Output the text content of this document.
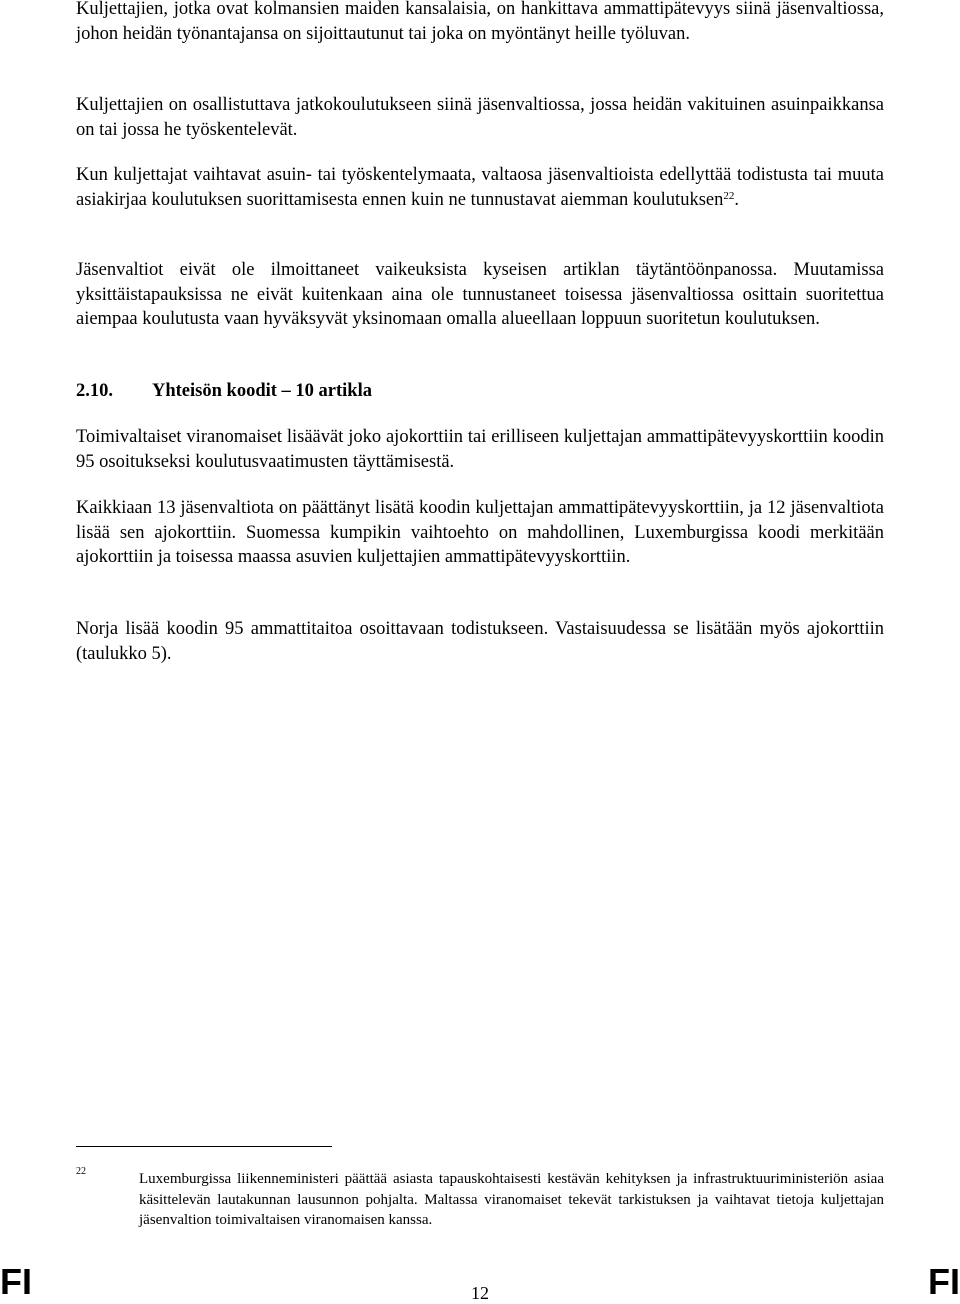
Kuljettajien, jotka ovat kolmansien maiden kansalaisia, on hankittava ammattipätevyys siinä jäsenvaltiossa, johon heidän työnantajansa on sijoittautunut tai joka on myöntänyt heille työluvan.

Kuljettajien on osallistuttava jatkokoulutukseen siinä jäsenvaltiossa, jossa heidän vakituinen asuinpaikkansa on tai jossa he työskentelevät.

Kun kuljettajat vaihtavat asuin- tai työskentelymaata, valtaosa jäsenvaltioista edellyttää todistusta tai muuta asiakirjaa koulutuksen suorittamisesta ennen kuin ne tunnustavat aiemman koulutuksen$^{22}$.

Jäsenvaltiot eivät ole ilmoittaneet vaikeuksista kyseisen artiklan täytäntöönpanossa. Muutamissa yksittäistapauksissa ne eivät kuitenkaan aina ole tunnustaneet toisessa jäsenvaltiossa osittain suoritettua aiempaa koulutusta vaan hyväksyvät yksinomaan omalla alueellaan loppuun suoritetun koulutuksen.

2.10. Yhteisön koodit – 10 artikla

Toimivaltaiset viranomaiset lisäävät joko ajokorttiin tai erilliseen kuljettajan ammattipätevyyskorttiin koodin 95 osoitukseksi koulutusvaatimusten täyttämisestä.

Kaikkiaan 13 jäsenvaltiota on päättänyt lisätä koodin kuljettajan ammattipätevyyskorttiin, ja 12 jäsenvaltiota lisää sen ajokorttiin. Suomessa kumpikin vaihtoehto on mahdollinen, Luxemburgissa koodi merkitään ajokorttiin ja toisessa maassa asuvien kuljettajien ammattipätevyyskorttiin.

Norja lisää koodin 95 ammattitaitoa osoittavaan todistukseen. Vastaisuudessa se lisätään myös ajokorttiin (taulukko 5).

22	Luxemburgissa liikenneministeri päättää asiasta tapauskohtaisesti kestävän kehityksen ja infrastruktuuriministeriön asiaa käsittelevän lautakunnan lausunnon pohjalta. Maltassa viranomaiset tekevät tarkistuksen ja vaihtavat tietoja kuljettajan jäsenvaltion toimivaltaisen viranomaisen kanssa.
FI	12	FI
